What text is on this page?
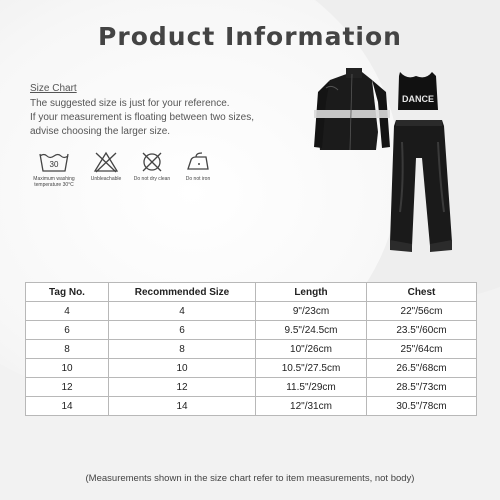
Product Information
Size Chart
The suggested size is just for your reference.
If your measurement is floating between two sizes,
advise choosing the larger size.
30
Maximum washing
temperature 30°C
Unbleachable Do not dry clean	Do not iron
DANCE
Tag No.	Recommended Size	Length	Chest
4	4	9"/23cm	22"/56cm
6	6	9.5"/24.5cm	23.5"/60cm
8	8	10"/26cm	25"/64cm
10	10	10.5"/27.5cm	26.5"/68cm
12	12	11.5"/29cm	28.5"/73cm
14	14	12"/31cm	30.5"/78cm
(Measurements shown in the size chart refer to item measurements, not body)
